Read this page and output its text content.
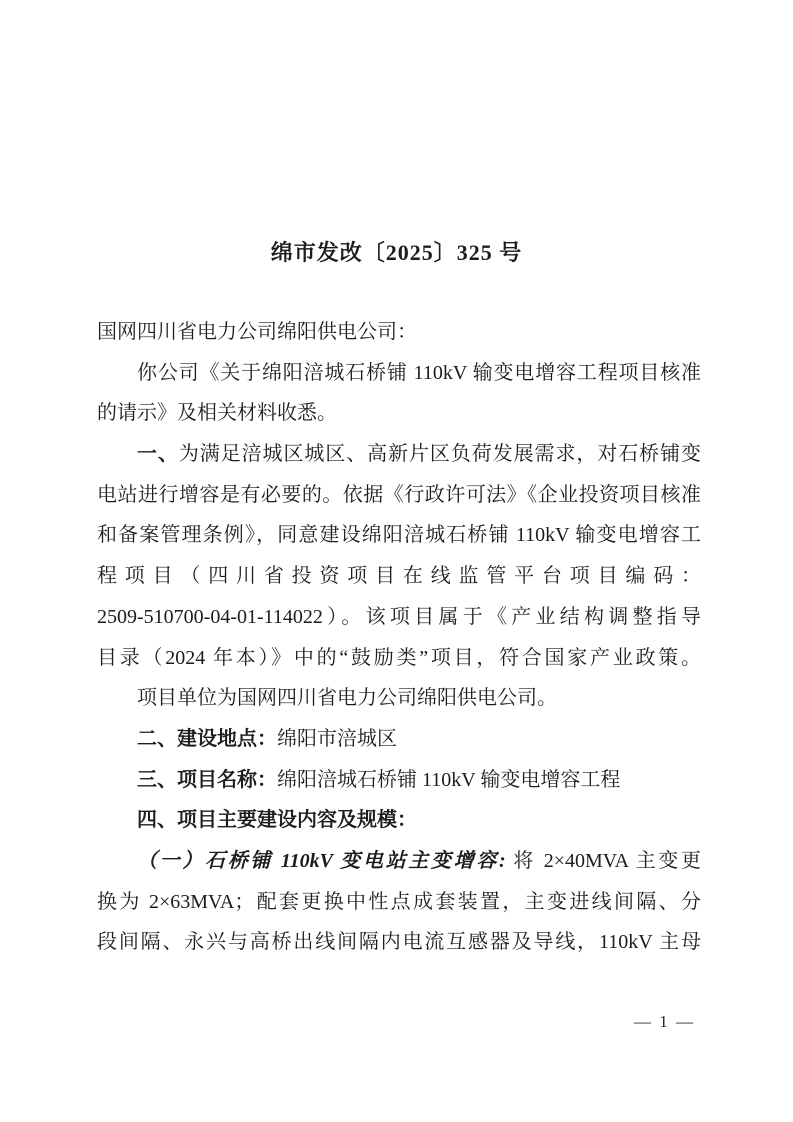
绵市发改〔2025〕325 号
国网四川省电力公司绵阳供电公司：
你公司《关于绵阳涪城石桥铺 110kV 输变电增容工程项目核准
的请示》及相关材料收悉。
一、为满足涪城区城区、高新片区负荷发展需求，对石桥铺变
电站进行增容是有必要的。依据《行政许可法》《企业投资项目核准
和备案管理条例》，同意建设绵阳涪城石桥铺 110kV 输变电增容工
程项目（四川省投资项目在线监管平台项目编码：
2509-510700-04-01-114022）。该项目属于《产业结构调整指导
目录（2024 年本）》中的“鼓励类”项目，符合国家产业政策。
项目单位为国网四川省电力公司绵阳供电公司。
二、建设地点：绵阳市涪城区
三、项目名称：绵阳涪城石桥铺 110kV 输变电增容工程
四、项目主要建设内容及规模：
（一）石桥铺 110kV 变电站主变增容: 将 2×40MVA 主变更
换为 2×63MVA；配套更换中性点成套装置，主变进线间隔、分
段间隔、永兴与高桥出线间隔内电流互感器及导线，110kV 主母
— 1 —
